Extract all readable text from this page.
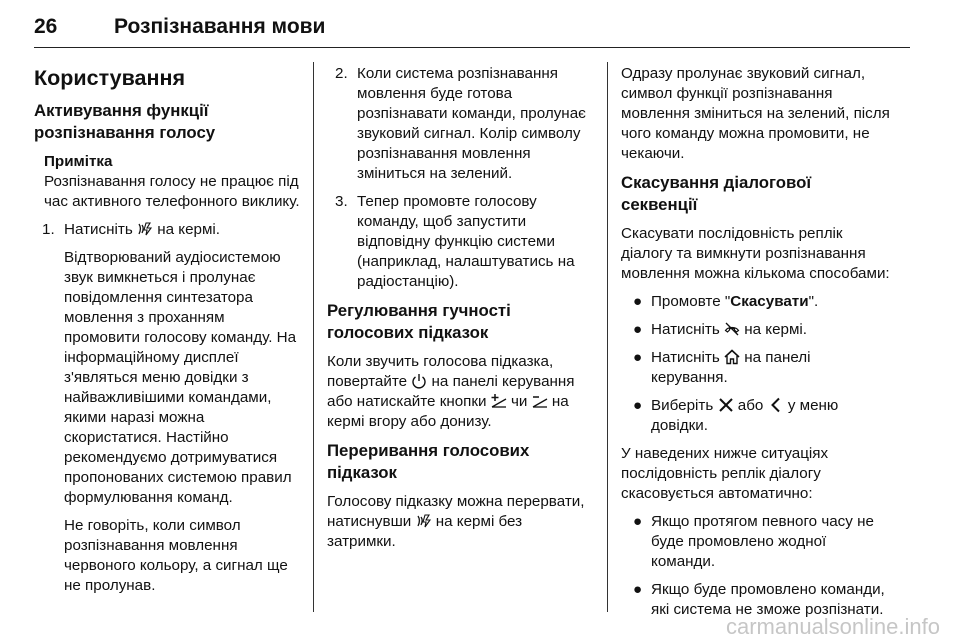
26	Розпізнавання мови
Користування
Активування функції
розпізнавання голосу
Примітка

Розпізнавання голосу не працює під час активного телефонного виклику.

1. Натисніть на кермі.

Відтворюваний аудіосистемою звук вимкнеться і пролунає повідомлення синтезатора мовлення з проханням промовити голосову команду. На інформаційному дисплеї з'являться меню довідки з найважливішими командами, якими наразі можна скористатися. Настійно рекомендуємо дотримуватися пропонованих системою правил формулювання команд.

Не говоріть, коли символ розпізнавання мовлення червоного кольору, а сигнал ще не пролунав.

2. Коли система розпізнавання мовлення буде готова розпізнавати команди, пролунає звуковий сигнал. Колір символу розпізнавання мовлення зміниться на зелений.
3. Тепер промовте голосову команду, щоб запустити відповідну функцію системи (наприклад, налаштуватись на радіостанцію).
Регулювання гучності
голосових підказок

Коли звучить голосова підказка, повертайте на панелі керування або натискайте кнопки чи на кермі вгору або донизу.

Переривання голосових
підказок

Голосову підказку можна перервати, натиснувши на кермі без затримки.

Одразу пролунає звуковий сигнал, символ функції розпізнавання мовлення зміниться на зелений, після чого команду можна промовити, не чекаючи.

Скасування діалогової
секвенції

Скасувати послідовність реплік діалогу та вимкнути розпізнавання мовлення можна кількома способами:

● Промовте "Скасувати".
● Натисніть на кермі.
● Натисніть на панелі керування.
● Виберіть або у меню довідки.

У наведених нижче ситуаціях послідовність реплік діалогу скасовується автоматично:

● Якщо протягом певного часу не буде промовлено жодної команди.
● Якщо буде промовлено команди, які система не зможе розпізнати.
carmanualsonline.info
